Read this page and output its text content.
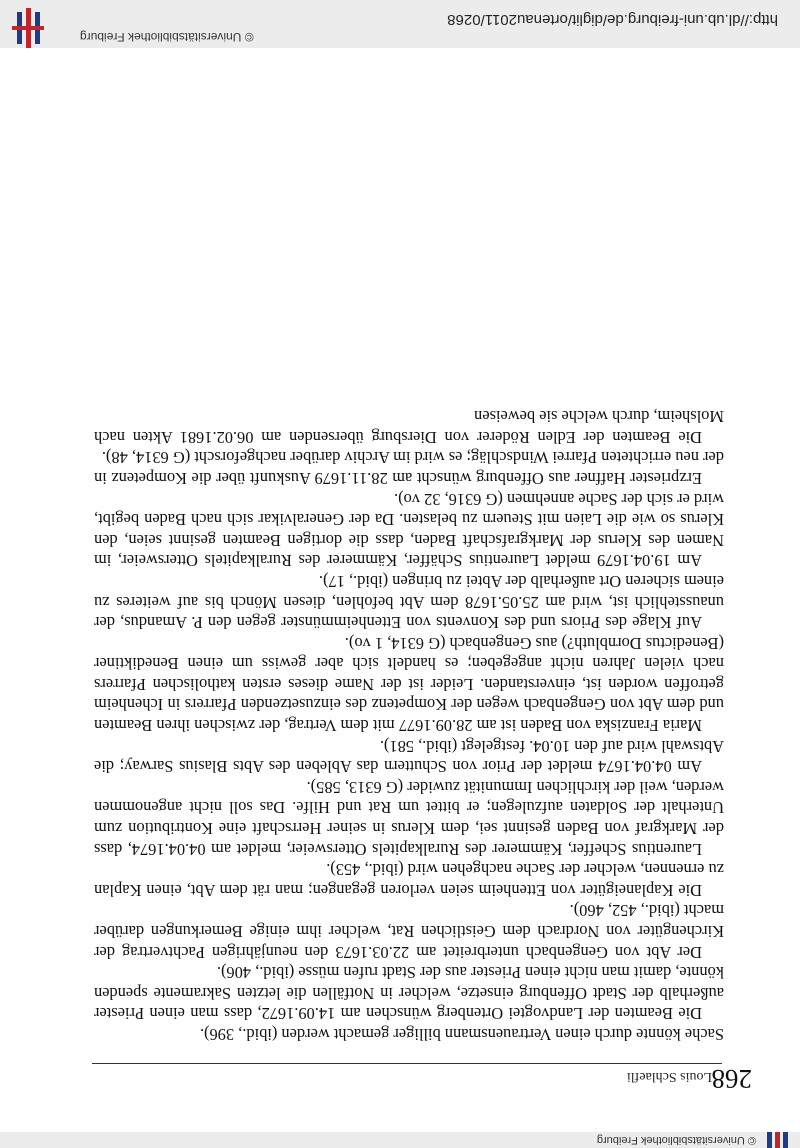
© Universitätsbibliothek Freiburg
268
Louis Schlaefli

Sache könnte durch einen Vertrauensmann billiger gemacht werden (ibid., 396).

Die Beamten der Landvogtei Ortenberg wünschen am 14.09.1672, dass man einen Priester außerhalb der Stadt Offenburg einsetze, welcher in Notfällen die letzten Sakramente spenden könnte, damit man nicht einen Priester aus der Stadt rufen müsse (ibid., 406).

Der Abt von Gengenbach unterbreitet am 22.03.1673 den neunjährigen Pachtvertrag der Kirchengüter von Nordrach dem Geistlichen Rat, welcher ihm einige Bemerkungen darüber macht (ibid., 452, 460).

Die Kaplaneigüter von Ettenheim seien verloren gegangen; man rät dem Abt, einen Kaplan zu ernennen, welcher der Sache nachgehen wird (ibid., 453).

Laurentius Scheffer, Kämmerer des Ruralkapitels Ottersweier, meldet am 04.04.1674, dass der Markgraf von Baden gesinnt sei, dem Klerus in seiner Herrschaft eine Kontribution zum Unterhalt der Soldaten aufzulegen; er bittet um Rat und Hilfe. Das soll nicht angenommen werden, weil der kirchlichen Immunität zuwider (G 6313, 585).

Am 04.04.1674 meldet der Prior von Schuttern das Ableben des Abts Blasius Sarway; die Abtswahl wird auf den 10.04. festgelegt (ibid., 581).

Maria Franziska von Baden ist am 28.09.1677 mit dem Vertrag, der zwischen ihren Beamten und dem Abt von Gengenbach wegen der Kompetenz des einzusetzenden Pfarrers in Ichenheim getroffen worden ist, einverstanden. Leider ist der Name dieses ersten katholischen Pfarrers nach vielen Jahren nicht angegeben; es handelt sich aber gewiss um einen Benediktiner (Benedictus Dornbluth?) aus Gengenbach (G 6314, 1 vo).

Auf Klage des Priors und des Konvents von Ettenheimmünster gegen den P. Amandus, der unausstehlich ist, wird am 25.05.1678 dem Abt befohlen, diesen Mönch bis auf weiteres zu einem sicheren Ort außerhalb der Abtei zu bringen (ibid., 17).

Am 19.04.1679 meldet Laurentius Schäffer, Kämmerer des Ruralkapitels Ottersweier, im Namen des Klerus der Markgrafschaft Baden, dass die dortigen Beamten gesinnt seien, den Klerus so wie die Laien mit Steuern zu belasten. Da der Generalvikar sich nach Baden begibt, wird er sich der Sache annehmen (G 6316, 32 vo).

Erzpriester Haffner aus Offenburg wünscht am 28.11.1679 Auskunft über die Kompetenz in der neu errichteten Pfarrei Windschläg; es wird im Archiv darüber nachgeforscht (G 6314, 48).

Die Beamten der Edlen Röderer von Diersburg übersenden am 06.02.1681 Akten nach Molsheim, durch welche sie beweisen

http://dl.ub.uni-freiburg.de/diglit/ortenau2011/0268
© Universitätsbibliothek Freiburg
